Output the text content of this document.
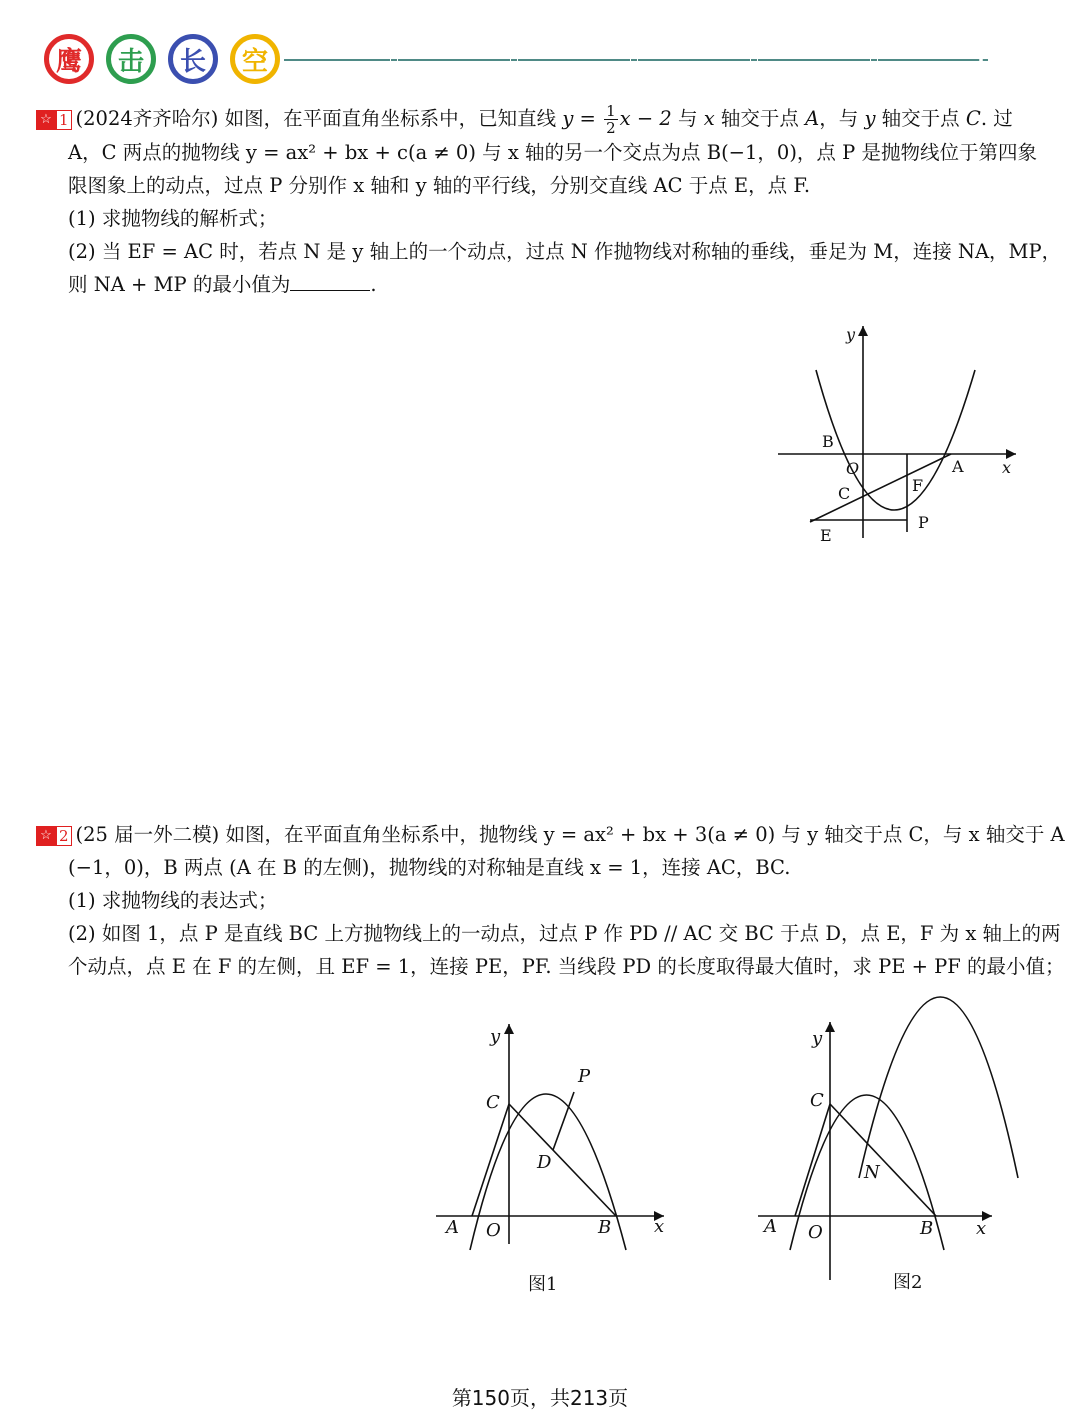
鹰	击	长	空
☆ 1 (2024齐齐哈尔) 如图，在平面直角坐标系中，已知直线 $y = \frac{1}{2}$ x − 2 与 x 轴交于点 A，与 y 轴交于点 C. 过
A，C 两点的抛物线 y = ax² + bx + c(a ≠ 0) 与 x 轴的另一个交点为点 B(−1，0)，点 P 是抛物线位于第四象
限图象上的动点，过点 P 分别作 x 轴和 y 轴的平行线，分别交直线 AC 于点 E，点 F.
(1) 求抛物线的解析式；
(2) 当 EF = AC 时，若点 N 是 y 轴上的一个动点，过点 N 作抛物线对称轴的垂线，垂足为 M，连接 NA，MP，
则 NA + MP 的最小值为	.
y
x
B
O	A
C	F
P
E
☆ 2 (25 届一外二模) 如图，在平面直角坐标系中，抛物线 y = ax² + bx + 3(a ≠ 0) 与 y 轴交于点 C，与 x 轴交于 A
(−1，0)，B 两点 (A 在 B 的左侧)，抛物线的对称轴是直线 x = 1，连接 AC，BC.
(1) 求抛物线的表达式；
(2) 如图 1，点 P 是直线 BC 上方抛物线上的一动点，过点 P 作 PD // AC 交 BC 于点 D，点 E，F 为 x 轴上的两
个动点，点 E 在 F 的左侧，且 EF = 1，连接 PE，PF. 当线段 PD 的长度取得最大值时，求 PE + PF 的最小值；
y
x
C
P
D
A O	B
图1
y
x
C
N
A O	B
图2
第150页，共213页
